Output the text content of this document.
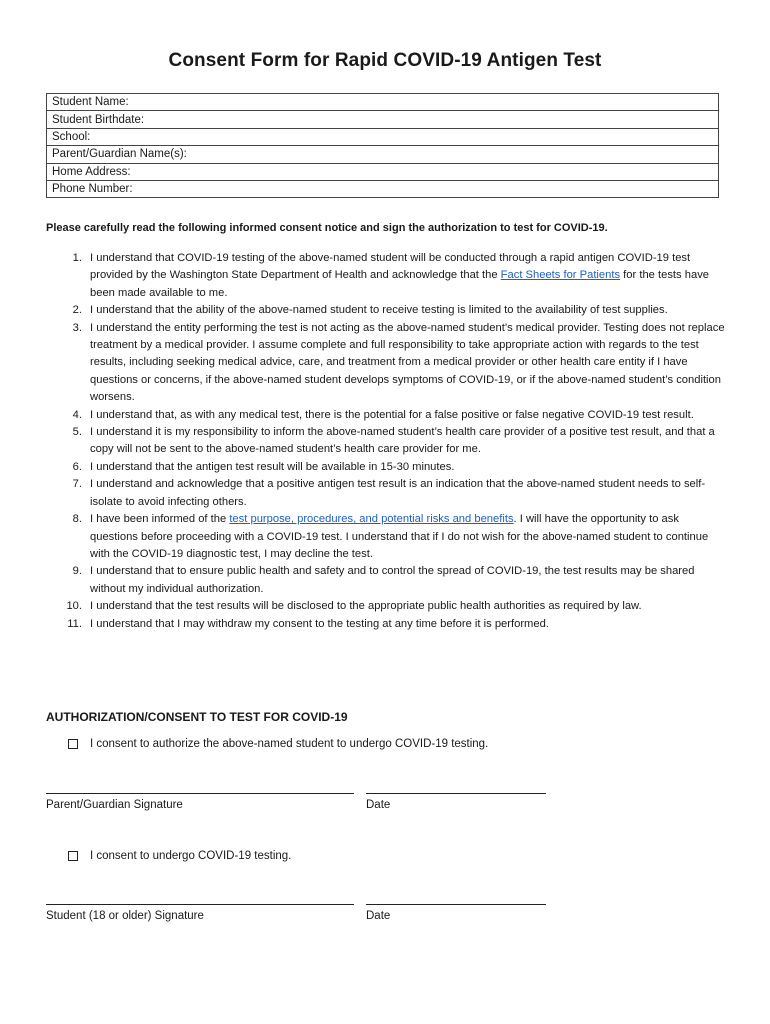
Consent Form for Rapid COVID-19 Antigen Test
Student Name:
Student Birthdate:
School:
Parent/Guardian Name(s):
Home Address:
Phone Number:
Please carefully read the following informed consent notice and sign the authorization to test for COVID-19.
1. I understand that COVID-19 testing of the above-named student will be conducted through a rapid antigen COVID-19 test provided by the Washington State Department of Health and acknowledge that the Fact Sheets for Patients for the tests have been made available to me.
2. I understand that the ability of the above-named student to receive testing is limited to the availability of test supplies.
3. I understand the entity performing the test is not acting as the above-named student’s medical provider. Testing does not replace treatment by a medical provider. I assume complete and full responsibility to take appropriate action with regards to the test results, including seeking medical advice, care, and treatment from a medical provider or other health care entity if I have questions or concerns, if the above-named student develops symptoms of COVID-19, or if the above-named student’s condition worsens.
4. I understand that, as with any medical test, there is the potential for a false positive or false negative COVID-19 test result.
5. I understand it is my responsibility to inform the above-named student’s health care provider of a positive test result, and that a copy will not be sent to the above-named student’s health care provider for me.
6. I understand that the antigen test result will be available in 15-30 minutes.
7. I understand and acknowledge that a positive antigen test result is an indication that the above-named student needs to self-isolate to avoid infecting others.
8. I have been informed of the test purpose, procedures, and potential risks and benefits. I will have the opportunity to ask questions before proceeding with a COVID-19 test. I understand that if I do not wish for the above-named student to continue with the COVID-19 diagnostic test, I may decline the test.
9. I understand that to ensure public health and safety and to control the spread of COVID-19, the test results may be shared without my individual authorization.
10. I understand that the test results will be disclosed to the appropriate public health authorities as required by law.
11. I understand that I may withdraw my consent to the testing at any time before it is performed.
AUTHORIZATION/CONSENT TO TEST FOR COVID-19
I consent to authorize the above-named student to undergo COVID-19 testing.
Parent/Guardian Signature	Date
I consent to undergo COVID-19 testing.
Student (18 or older) Signature	Date
